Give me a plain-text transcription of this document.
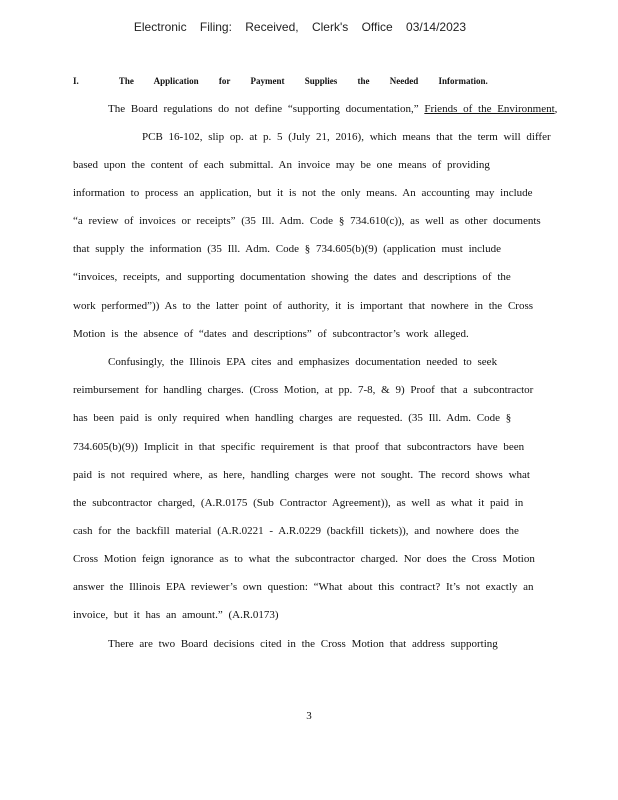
Electronic Filing: Received, Clerk's Office 03/14/2023
I.	The Application for Payment Supplies the Needed Information.
The Board regulations do not define “supporting documentation,” Friends of the Environment,
PCB 16-102, slip op. at p. 5 (July 21, 2016), which means that the term will differ
based upon the content of each submittal. An invoice may be one means of providing
information to process an application, but it is not the only means. An accounting may include
“a review of invoices or receipts” (35 Ill. Adm. Code § 734.610(c)), as well as other documents
that supply the information (35 Ill. Adm. Code § 734.605(b)(9) (application must include
“invoices, receipts, and supporting documentation showing the dates and descriptions of the
work performed”)) As to the latter point of authority, it is important that nowhere in the Cross
Motion is the absence of “dates and descriptions” of subcontractor’s work alleged.
Confusingly, the Illinois EPA cites and emphasizes documentation needed to seek
reimbursement for handling charges. (Cross Motion, at pp. 7-8, & 9) Proof that a subcontractor
has been paid is only required when handling charges are requested. (35 Ill. Adm. Code §
734.605(b)(9)) Implicit in that specific requirement is that proof that subcontractors have been
paid is not required where, as here, handling charges were not sought. The record shows what
the subcontractor charged, (A.R.0175 (Sub Contractor Agreement)), as well as what it paid in
cash for the backfill material (A.R.0221 - A.R.0229 (backfill tickets)), and nowhere does the
Cross Motion feign ignorance as to what the subcontractor charged. Nor does the Cross Motion
answer the Illinois EPA reviewer’s own question: “What about this contract? It’s not exactly an
invoice, but it has an amount.” (A.R.0173)
There are two Board decisions cited in the Cross Motion that address supporting
3
